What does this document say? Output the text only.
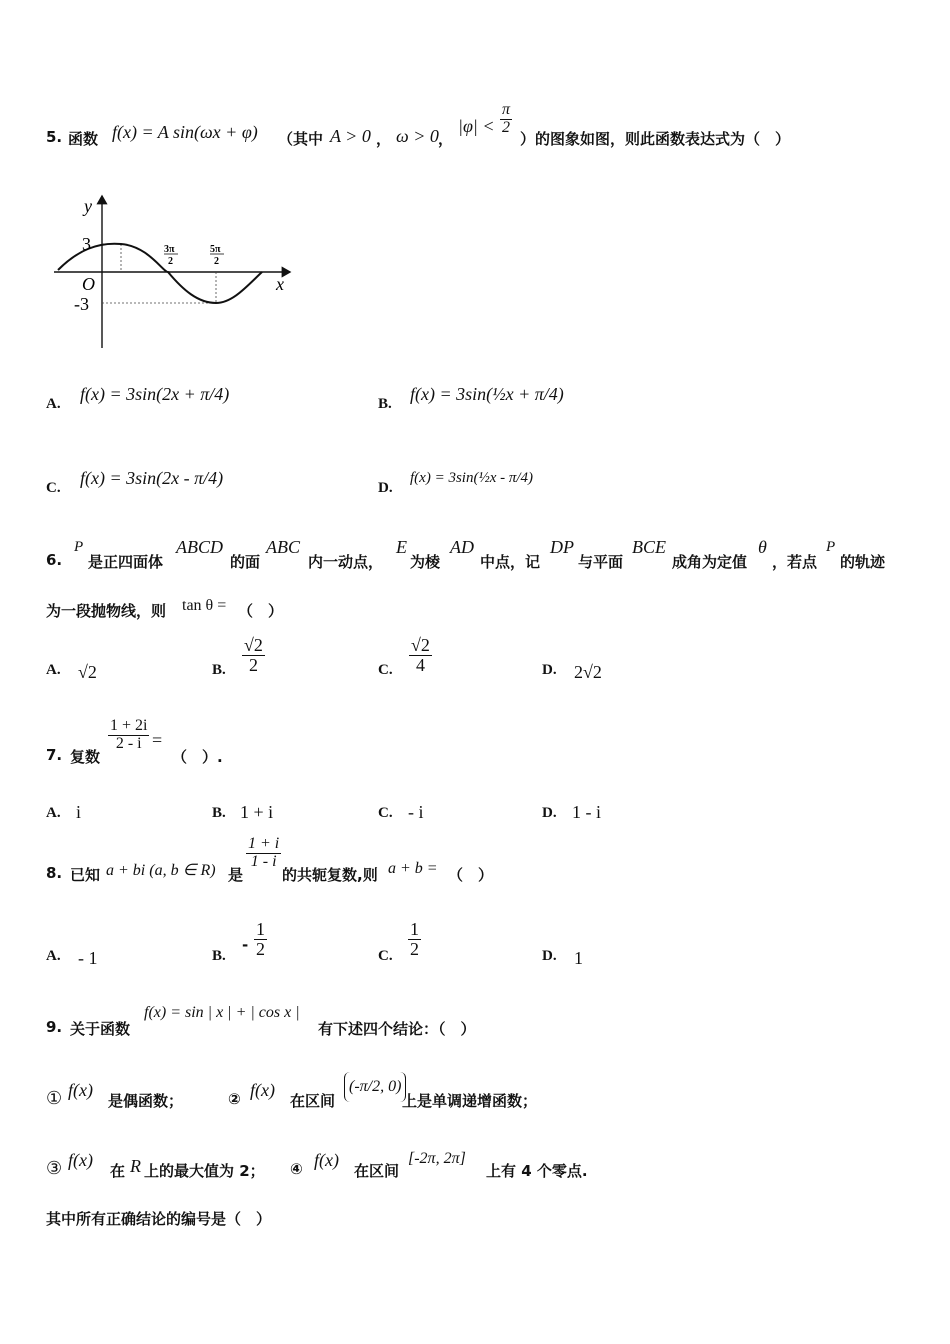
5. 函数 f(x) = A sin(ωx + φ) （其中 A > 0 ， ω > 0 ，
$|\varphi| < \frac{\pi}{2}$
）的图象如图，则此函数表达式为（　）
y
x
O
3
-3
3π
2
5π
2
A. f(x) = 3sin(2x + π/4)	B. f(x) = 3sin(½x + π/4)
C. f(x) = 3sin(2x - π/4)	D.
f(x) = 3sin(½x - π/4)
6.
P
是正四面体
ABCD
的面
ABC
内一动点，
E
为棱
AD
中点，记
DP
与平面
BCE
成角为定值
θ
，若点
P
的轨迹
为一段抛物线，则 tan θ = （　）
A. √2	B. $\frac{√2}{2}$	C. $\frac{√2}{4}$	D. 2√2
7. 复数
$\frac{1 + 2i}{2 - i}$ =
（　）.
A. i	B. 1 + i	C. - i	D. 1 - i
8. 已知 a + bi (a, b ∈ R) 是
$\frac{1 + i}{1 - i}$
的共轭复数,则 a + b = （　）
A. - 1	B.
- $\frac{1}{2}$	C. $\frac{1}{2}$	D. 1
9. 关于函数
f(x) = sin | x | + | cos x |
有下述四个结论：（　）
① f(x)
是偶函数；	② f(x)
在区间
(-π/2, 0)
上是单调递增函数；
③ f(x)
在 R 上的最大值为 2； ④ f(x)
在区间
[-2π, 2π]
上有 4 个零点.
其中所有正确结论的编号是（　）
